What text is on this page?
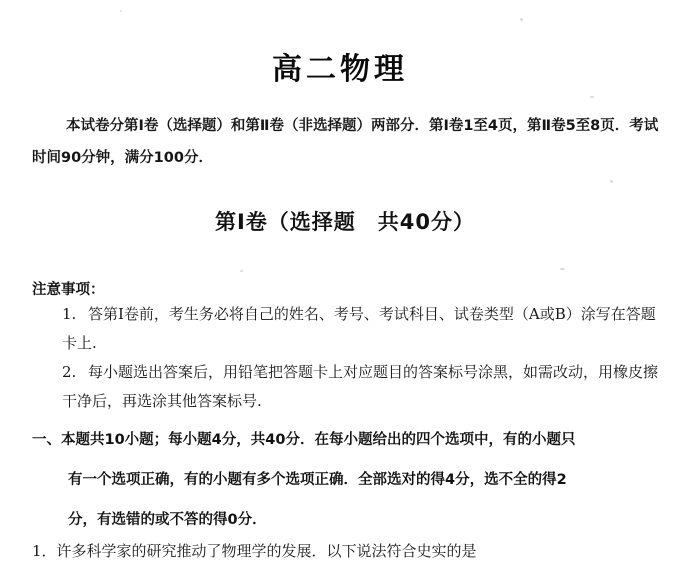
高二物理
本试卷分第Ⅰ卷（选择题）和第Ⅱ卷（非选择题）两部分．第Ⅰ卷1至4页，第Ⅱ卷5至8页．考试时间90分钟，满分100分．
第Ⅰ卷（选择题　共40分）
注意事项：
1. 答第Ⅰ卷前，考生务必将自己的姓名、考号、考试科目、试卷类型（A或B）涂写在答题卡上.
2. 每小题选出答案后，用铅笔把答题卡上对应题目的答案标号涂黑，如需改动，用橡皮擦干净后，再选涂其他答案标号.
一、本题共10小题；每小题4分，共40分．在每小题给出的四个选项中，有的小题只
有一个选项正确，有的小题有多个选项正确．全部选对的得4分，选不全的得2
分，有选错的或不答的得0分．
1．许多科学家的研究推动了物理学的发展．以下说法符合史实的是
